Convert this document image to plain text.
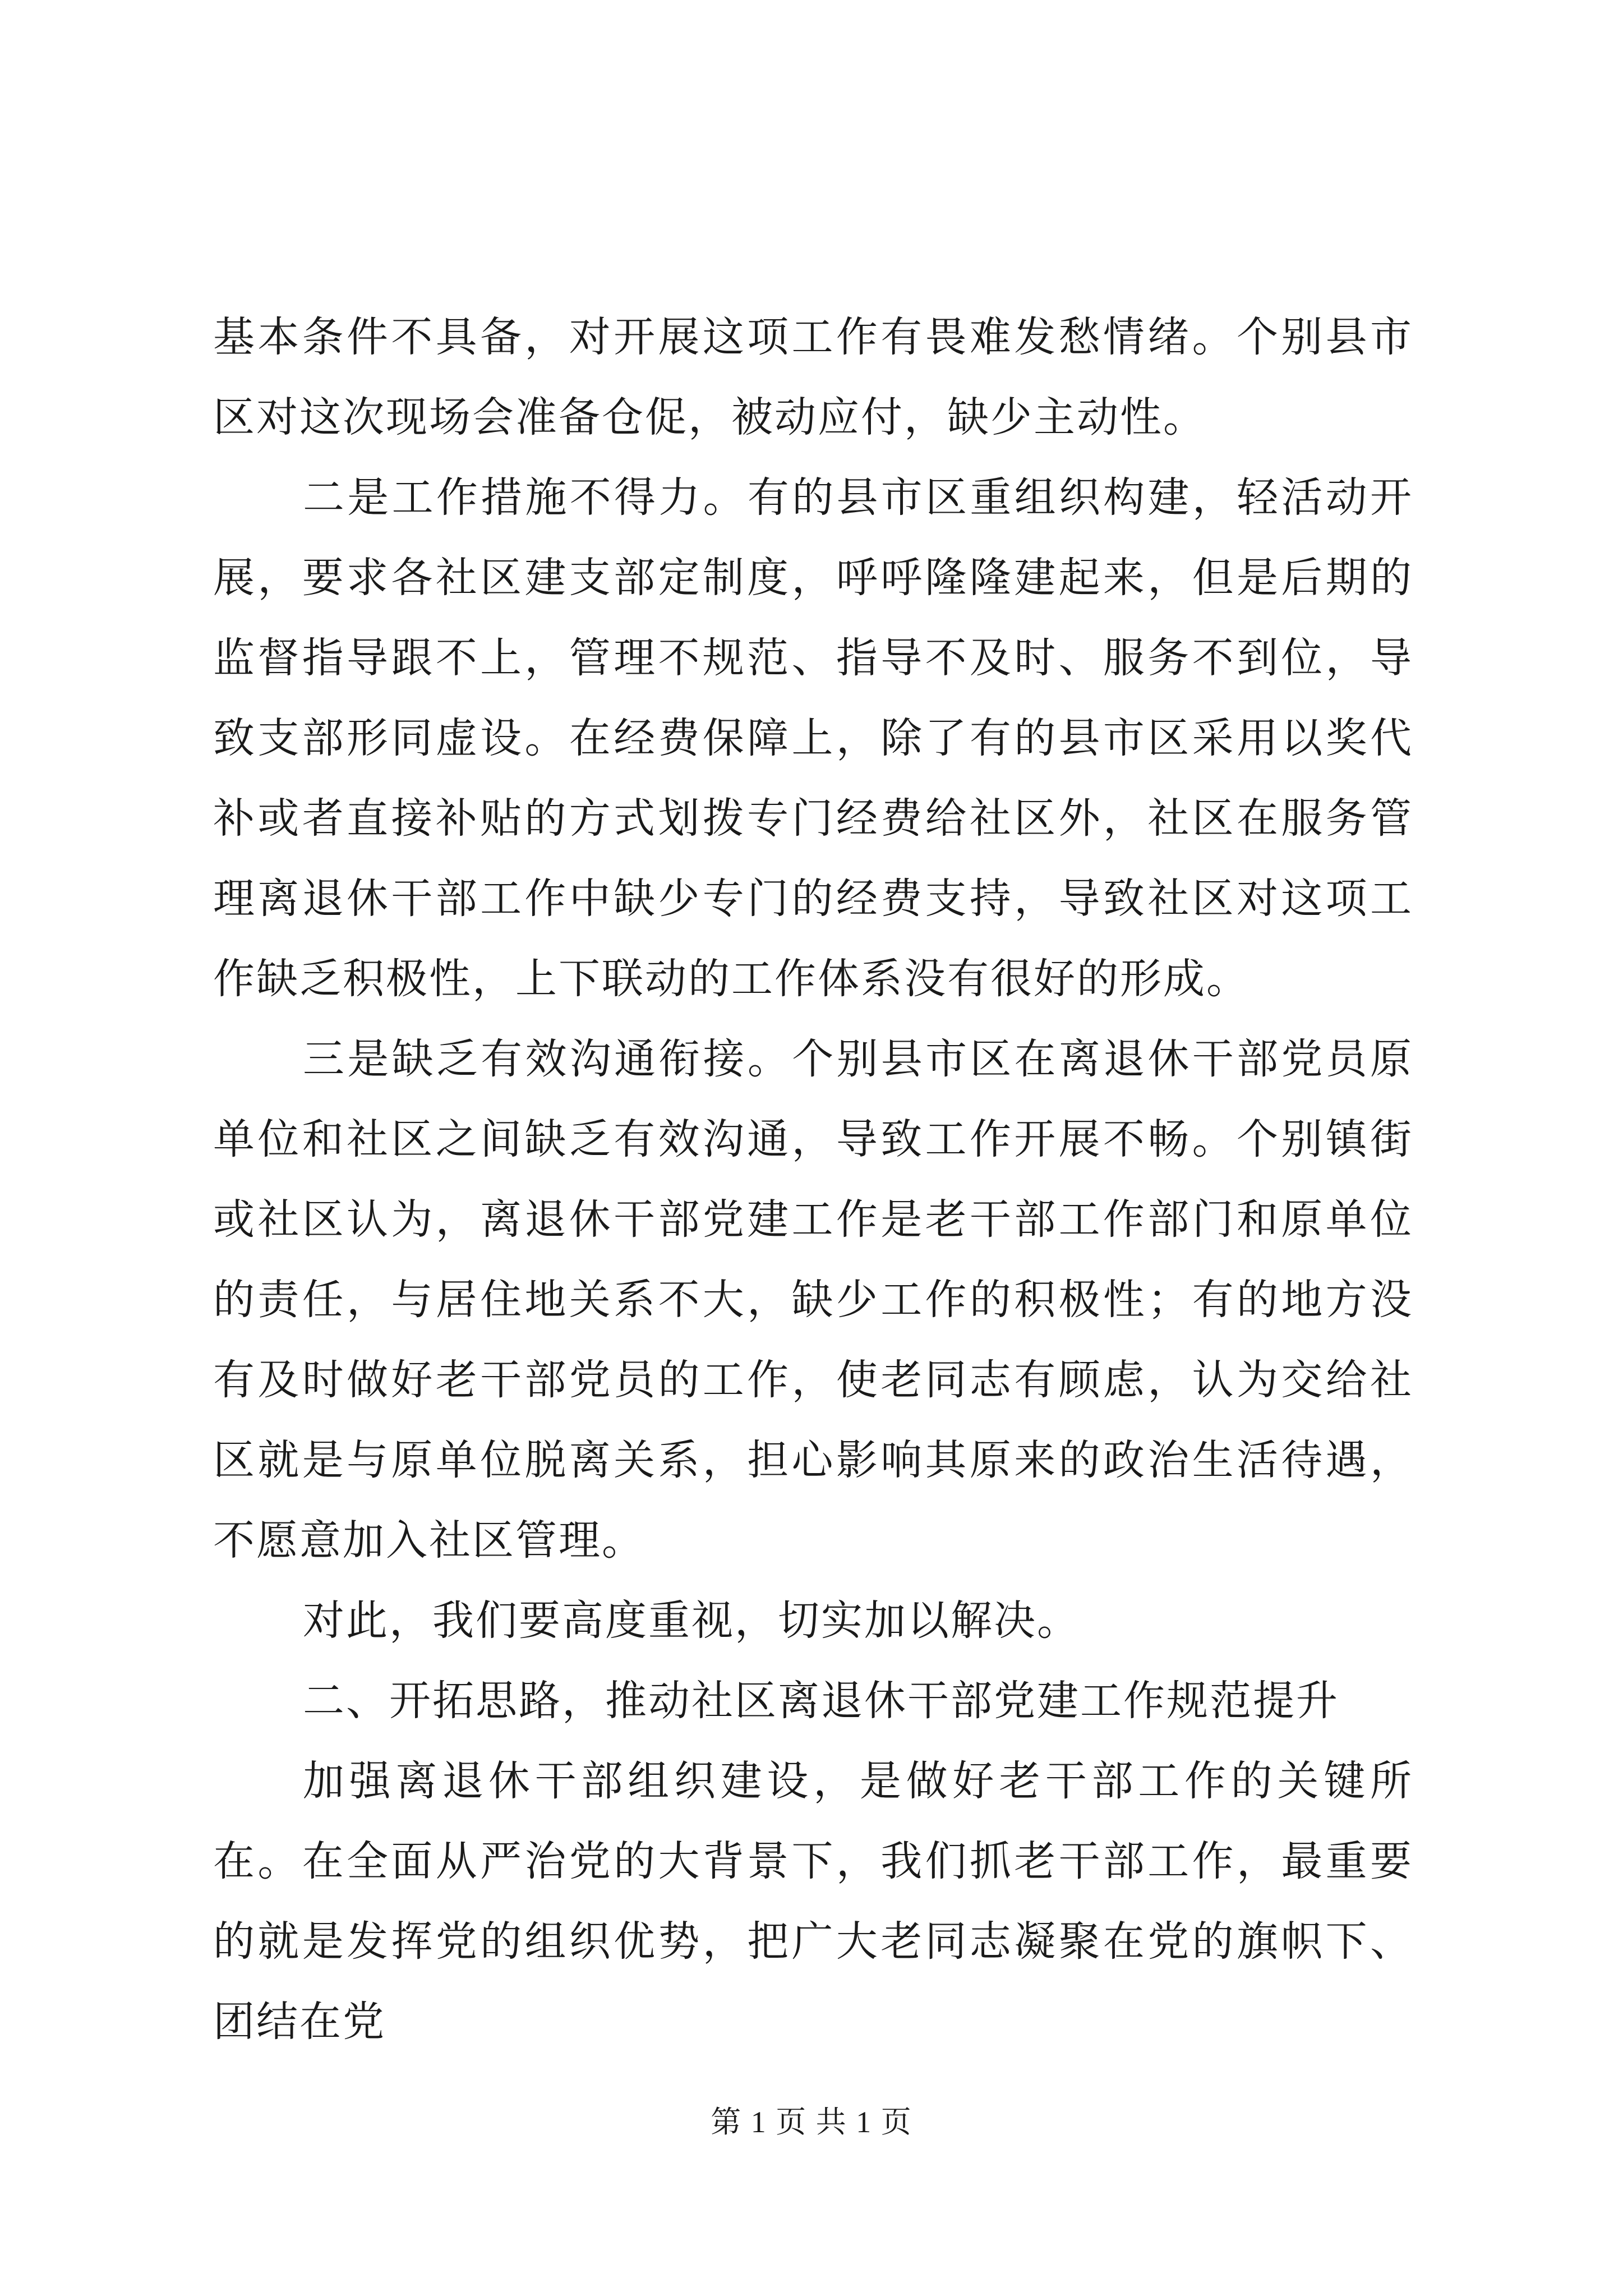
基本条件不具备，对开展这项工作有畏难发愁情绪。个别县市区对这次现场会准备仓促，被动应付，缺少主动性。

二是工作措施不得力。有的县市区重组织构建，轻活动开展，要求各社区建支部定制度，呼呼隆隆建起来，但是后期的监督指导跟不上，管理不规范、指导不及时、服务不到位，导致支部形同虚设。在经费保障上，除了有的县市区采用以奖代补或者直接补贴的方式划拨专门经费给社区外，社区在服务管理离退休干部工作中缺少专门的经费支持，导致社区对这项工作缺乏积极性，上下联动的工作体系没有很好的形成。

三是缺乏有效沟通衔接。个别县市区在离退休干部党员原单位和社区之间缺乏有效沟通，导致工作开展不畅。个别镇街或社区认为，离退休干部党建工作是老干部工作部门和原单位的责任，与居住地关系不大，缺少工作的积极性；有的地方没有及时做好老干部党员的工作，使老同志有顾虑，认为交给社区就是与原单位脱离关系，担心影响其原来的政治生活待遇，不愿意加入社区管理。

对此，我们要高度重视，切实加以解决。

二、开拓思路，推动社区离退休干部党建工作规范提升

加强离退休干部组织建设，是做好老干部工作的关键所在。在全面从严治党的大背景下，我们抓老干部工作，最重要的就是发挥党的组织优势，把广大老同志凝聚在党的旗帜下、团结在党

第 1 页 共 1 页
